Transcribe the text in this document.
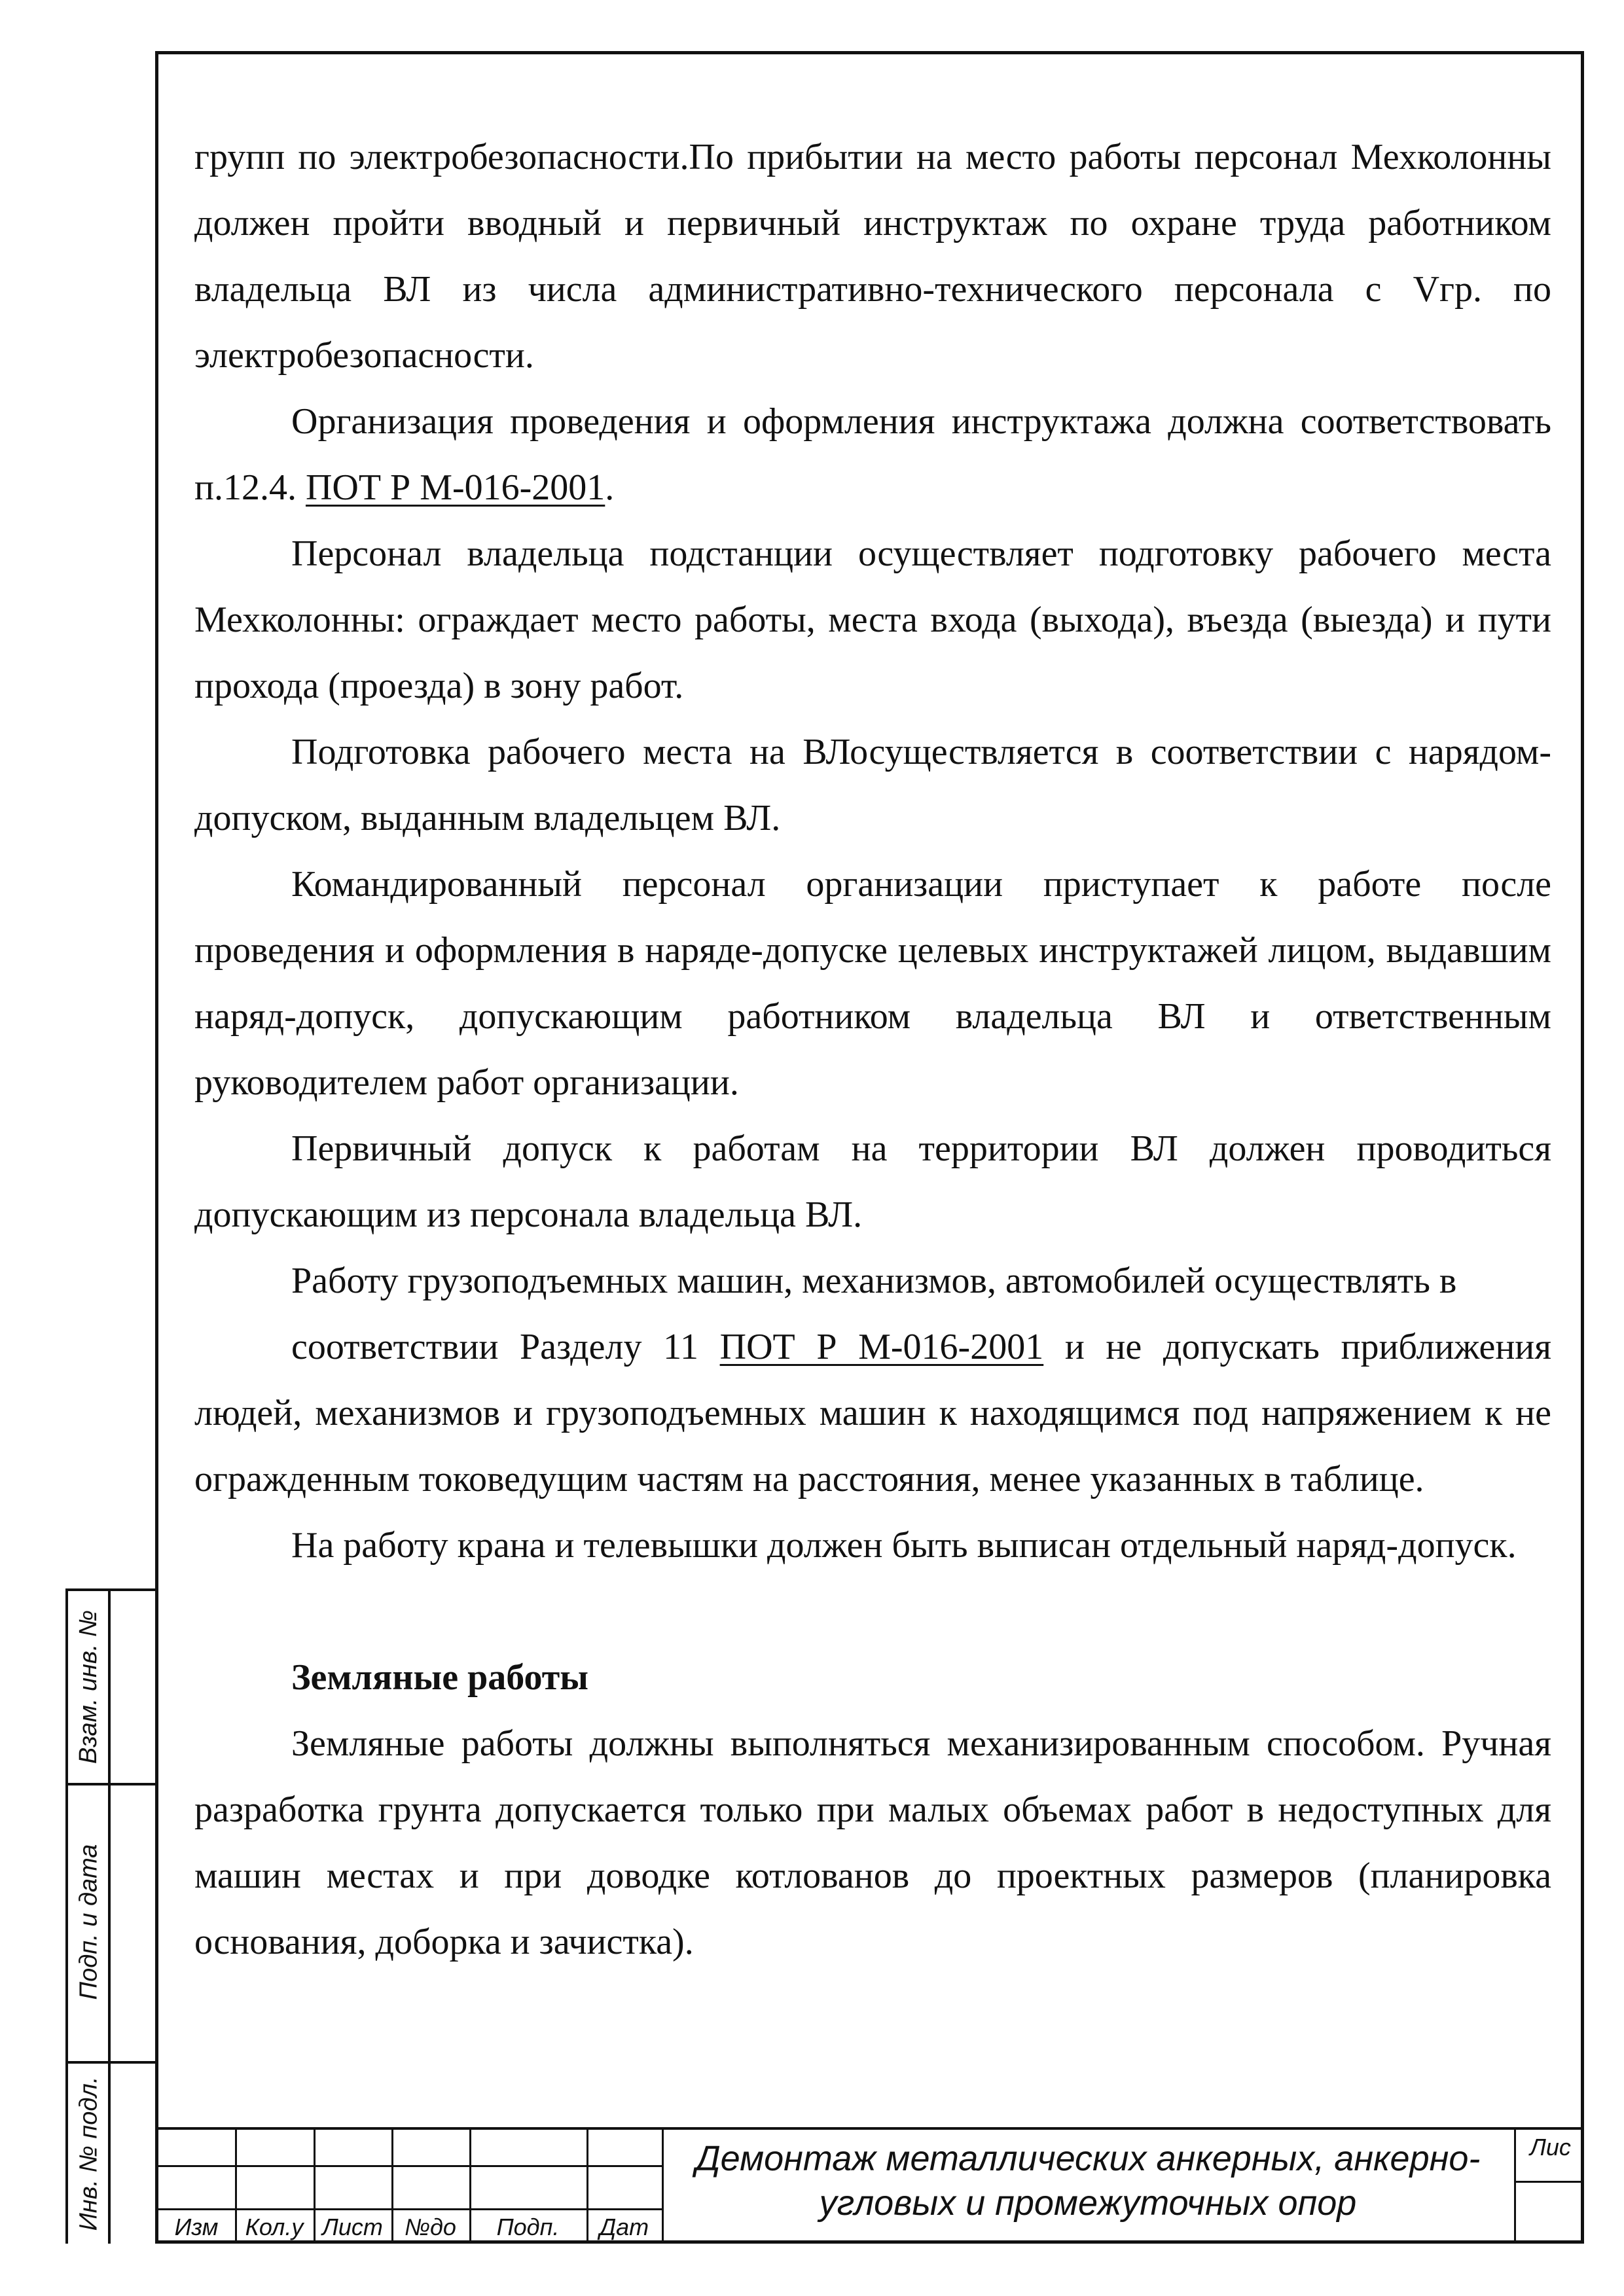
групп по электробезопасности.По прибытии на место работы персонал Мехколонны должен пройти вводный и первичный инструктаж по охране труда работником владельца ВЛ из числа административно-технического персонала с Vгр. по электробезопасности.

Организация проведения и оформления инструктажа должна соответствовать п.12.4. ПОТ Р М-016-2001.

Персонал владельца подстанции осуществляет подготовку рабочего места Мехколонны: ограждает место работы, места входа (выхода), въезда (выезда) и пути прохода (проезда) в зону работ.

Подготовка рабочего места на ВЛосуществляется в соответствии с нарядом-допуском, выданным владельцем ВЛ.

Командированный персонал организации приступает к работе после проведения и оформления в наряде-допуске целевых инструктажей лицом, выдавшим наряд-допуск, допускающим работником владельца ВЛ и ответственным руководителем работ организации.

Первичный допуск к работам на территории ВЛ должен проводиться допускающим из персонала владельца ВЛ.

Работу грузоподъемных машин, механизмов, автомобилей осуществлять в

соответствии Разделу 11 ПОТ Р М-016-2001 и не допускать приближения людей, механизмов и грузоподъемных машин к находящимся под напряжением к не огражденным токоведущим частям на расстояния, менее указанных в таблице.

На работу крана и телевышки должен быть выписан отдельный наряд-допуск.

Земляные работы

Земляные работы должны выполняться механизированным способом. Ручная разработка грунта допускается только при малых объемах работ в недоступных для машин местах и при доводке котлованов до проектных размеров (планировка основания, доборка и зачистка).

Взам. инв. №
Подп. и дата
Инв. № подл.	Изм	Кол.у Лист №до	Подп.	Дат
Демонтаж металлических анкерных, анкерно-
угловых и промежуточных опор
Лис
